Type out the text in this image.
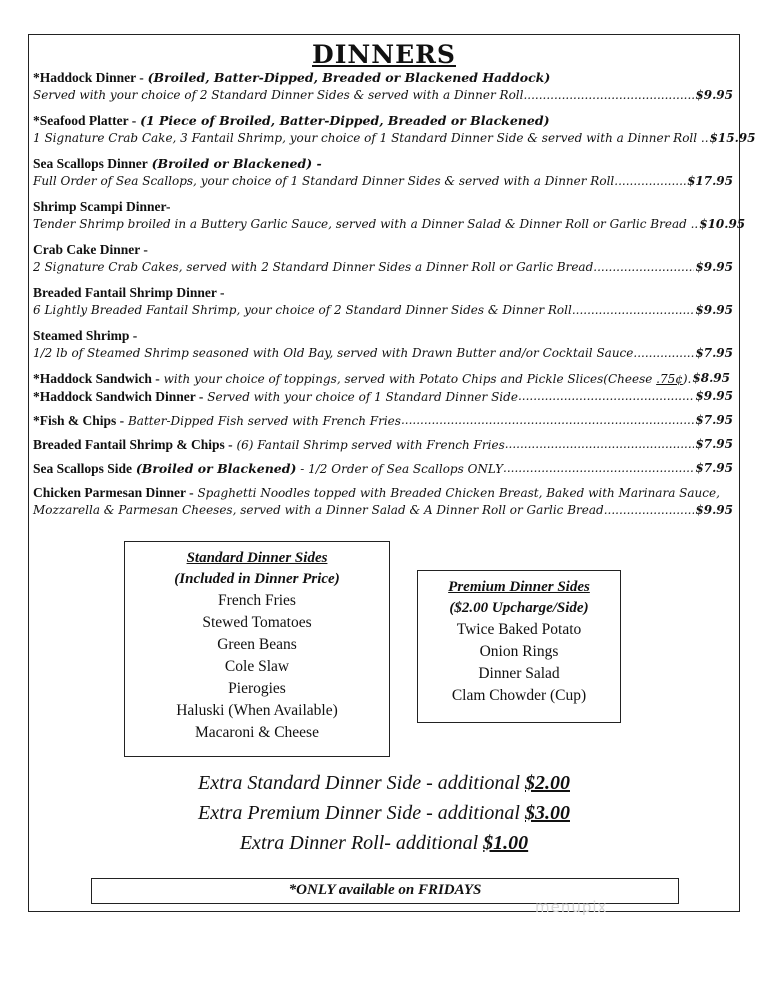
DINNERS
*Haddock Dinner - (Broiled, Batter-Dipped, Breaded or Blackened Haddock)
Served with your choice of 2 Standard Dinner Sides & served with a Dinner Roll .....	$9.95
*Seafood Platter - (1 Piece of Broiled, Batter-Dipped, Breaded or Blackened)
1 Signature Crab Cake, 3 Fantail Shrimp, your choice of 1 Standard Dinner Side & served with a Dinner Roll .. $15.95
Sea Scallops Dinner (Broiled or Blackened) -
Full Order of Sea Scallops, your choice of 1 Standard Dinner Sides & served with a Dinner Roll .....	$17.95
Shrimp Scampi Dinner-
Tender Shrimp broiled in a Buttery Garlic Sauce, served with a Dinner Salad & Dinner Roll or Garlic Bread .. $10.95
Crab Cake Dinner -
2 Signature Crab Cakes, served with 2 Standard Dinner Sides a Dinner Roll or Garlic Bread .....	$9.95
Breaded Fantail Shrimp Dinner -
6 Lightly Breaded Fantail Shrimp, your choice of 2 Standard Dinner Sides & Dinner Roll .....	$9.95
Steamed Shrimp -
1/2 lb of Steamed Shrimp seasoned with Old Bay, served with Drawn Butter and/or Cocktail Sauce .....	$7.95
*Haddock Sandwich - with your choice of toppings, served with Potato Chips and Pickle Slices(Cheese .75¢). $8.95
*Haddock Sandwich Dinner - Served with your choice of 1 Standard Dinner Side .....	$9.95
*Fish & Chips - Batter-Dipped Fish served with French Fries .....	$7.95
Breaded Fantail Shrimp & Chips - (6) Fantail Shrimp served with French Fries .....	$7.95
Sea Scallops Side (Broiled or Blackened) - 1/2 Order of Sea Scallops ONLY .....	$7.95
Chicken Parmesan Dinner - Spaghetti Noodles topped with Breaded Chicken Breast, Baked with Marinara Sauce,
Mozzarella & Parmesan Cheeses, served with a Dinner Salad & A Dinner Roll or Garlic Bread .....	$9.95
Standard Dinner Sides
(Included in Dinner Price)
French Fries
Stewed Tomatoes
Green Beans
Cole Slaw
Pierogies
Haluski (When Available)
Macaroni & Cheese
Premium Dinner Sides
($2.00 Upcharge/Side)
Twice Baked Potato
Onion Rings
Dinner Salad
Clam Chowder (Cup)
Extra Standard Dinner Side - additional $2.00
Extra Premium Dinner Side - additional $3.00
Extra Dinner Roll- additional $1.00
*ONLY available on FRIDAYS
menupix
